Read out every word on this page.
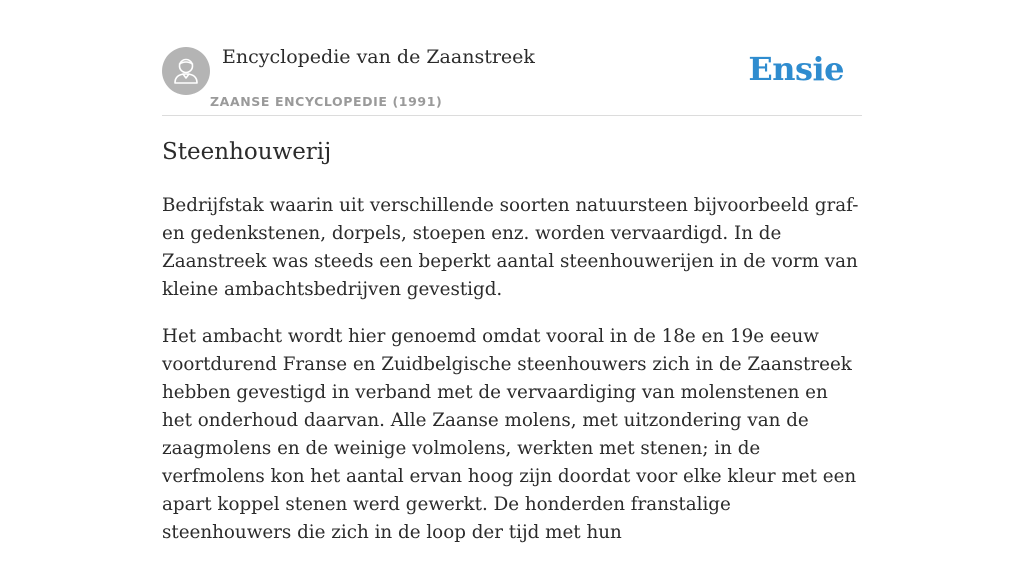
Encyclopedie van de Zaanstreek
ZAANSE ENCYCLOPEDIE (1991)
Ensie
Steenhouwerij

Bedrijfstak waarin uit verschillende soorten natuursteen bijvoorbeeld graf- en gedenkstenen, dorpels, stoepen enz. worden vervaardigd. In de Zaanstreek was steeds een beperkt aantal steenhouwerijen in de vorm van kleine ambachtsbedrijven gevestigd.

Het ambacht wordt hier genoemd omdat vooral in de 18e en 19e eeuw voortdurend Franse en Zuidbelgische steenhouwers zich in de Zaanstreek hebben gevestigd in verband met de vervaardiging van molenstenen en het onderhoud daarvan. Alle Zaanse molens, met uitzondering van de zaagmolens en de weinige volmolens, werkten met stenen; in de verfmolens kon het aantal ervan hoog zijn doordat voor elke kleur met een apart koppel stenen werd gewerkt. De honderden franstalige steenhouwers die zich in de loop der tijd met hun
